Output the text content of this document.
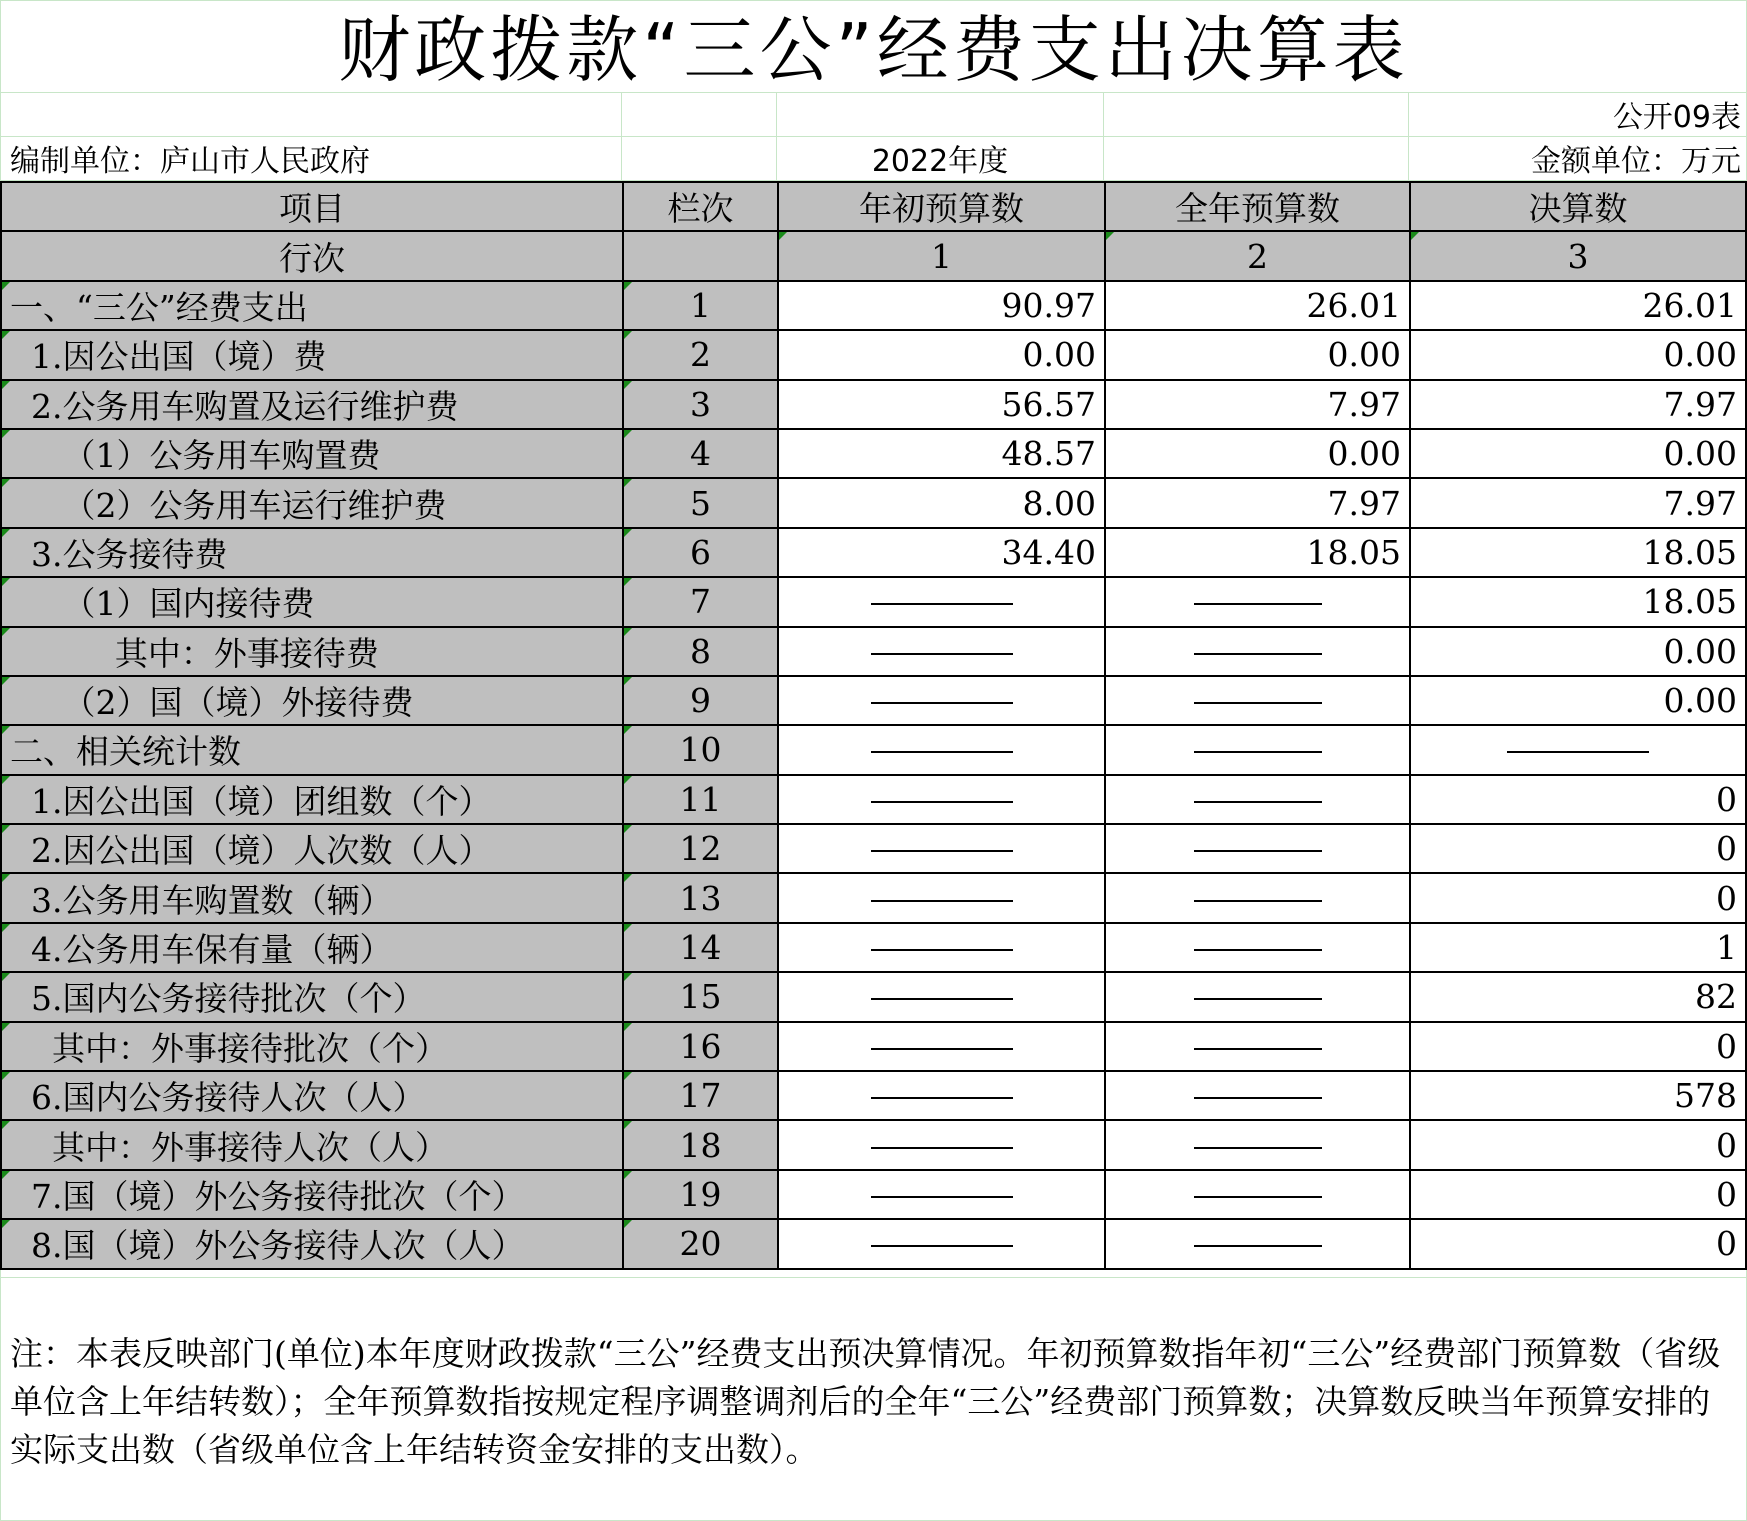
财政拨款“三公”经费支出决算表
公开09表
编制单位：庐山市人民政府	2022年度	金额单位：万元
项目	栏次	年初预算数	全年预算数	决算数
行次		1	2	3
一、“三公”经费支出	1	90.97	26.01	26.01
1.因公出国（境）费	2	0.00	0.00	0.00
2.公务用车购置及运行维护费	3	56.57	7.97	7.97
（1）公务用车购置费	4	48.57	0.00	0.00
（2）公务用车运行维护费	5	8.00	7.97	7.97
3.公务接待费	6	34.40	18.05	18.05
（1）国内接待费	7			18.05
其中：外事接待费	8			0.00
（2）国（境）外接待费	9			0.00
二、相关统计数	10			
1.因公出国（境）团组数（个）	11			0
2.因公出国（境）人次数（人）	12			0
3.公务用车购置数（辆）	13			0
4.公务用车保有量（辆）	14			1
5.国内公务接待批次（个）	15			82
其中：外事接待批次（个）	16			0
6.国内公务接待人次（人）	17			578
其中：外事接待人次（人）	18			0
7.国（境）外公务接待批次（个）	19			0
8.国（境）外公务接待人次（人）	20			0
注：本表反映部门(单位)本年度财政拨款“三公”经费支出预决算情况。年初预算数指年初“三公”经费部门预算数（省级单位含上年结转数）；全年预算数指按规定程序调整调剂后的全年“三公”经费部门预算数；决算数反映当年预算安排的实际支出数（省级单位含上年结转资金安排的支出数）。
